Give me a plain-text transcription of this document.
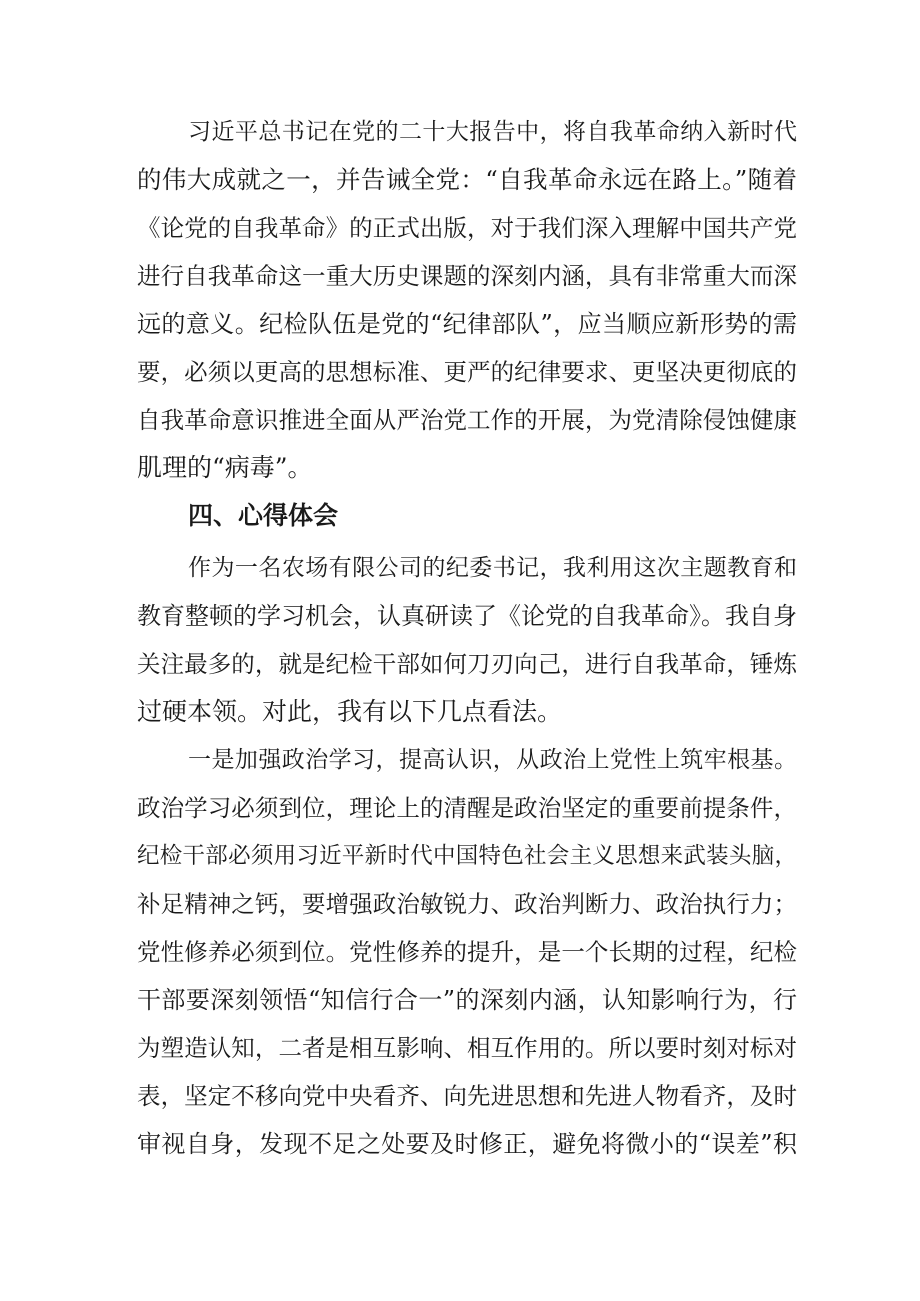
习近平总书记在党的二十大报告中，将自我革命纳入新时代
的伟大成就之一，并告诫全党：“自我革命永远在路上。”随着
《论党的自我革命》的正式出版，对于我们深入理解中国共产党
进行自我革命这一重大历史课题的深刻内涵，具有非常重大而深
远的意义。纪检队伍是党的“纪律部队”，应当顺应新形势的需
要，必须以更高的思想标准、更严的纪律要求、更坚决更彻底的
自我革命意识推进全面从严治党工作的开展，为党清除侵蚀健康
肌理的“病毒”。
四、心得体会
作为一名农场有限公司的纪委书记，我利用这次主题教育和
教育整顿的学习机会，认真研读了《论党的自我革命》。我自身
关注最多的，就是纪检干部如何刀刃向己，进行自我革命，锤炼
过硬本领。对此，我有以下几点看法。
一是加强政治学习，提高认识，从政治上党性上筑牢根基。
政治学习必须到位，理论上的清醒是政治坚定的重要前提条件，
纪检干部必须用习近平新时代中国特色社会主义思想来武装头脑，
补足精神之钙，要增强政治敏锐力、政治判断力、政治执行力；
党性修养必须到位。党性修养的提升，是一个长期的过程，纪检
干部要深刻领悟“知信行合一”的深刻内涵，认知影响行为，行
为塑造认知，二者是相互影响、相互作用的。所以要时刻对标对
表，坚定不移向党中央看齐、向先进思想和先进人物看齐，及时
审视自身，发现不足之处要及时修正，避免将微小的“误差”积
